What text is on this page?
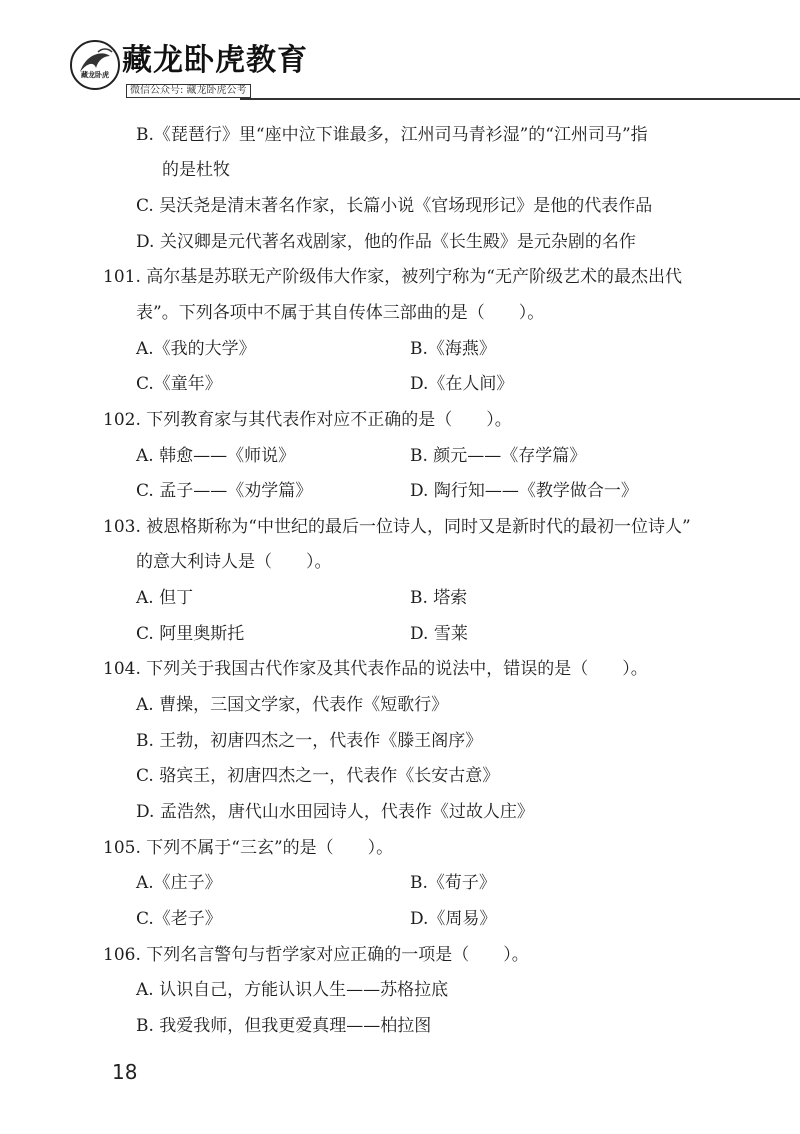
藏龙卧虎 藏龙卧虎教育
微信公众号: 藏龙卧虎公考
B.《琵琶行》里“座中泣下谁最多，江州司马青衫湿”的“江州司马”指
的是杜牧
C. 吴沃尧是清末著名作家，长篇小说《官场现形记》是他的代表作品
D. 关汉卿是元代著名戏剧家，他的作品《长生殿》是元杂剧的名作
101. 高尔基是苏联无产阶级伟大作家，被列宁称为“无产阶级艺术的最杰出代
表”。下列各项中不属于其自传体三部曲的是（　　）。
A.《我的大学》	B.《海燕》
C.《童年》	D.《在人间》
102. 下列教育家与其代表作对应不正确的是（　　）。
A. 韩愈——《师说》	B. 颜元——《存学篇》
C. 孟子——《劝学篇》	D. 陶行知——《教学做合一》
103. 被恩格斯称为“中世纪的最后一位诗人，同时又是新时代的最初一位诗人”
的意大利诗人是（　　）。
A. 但丁	B. 塔索
C. 阿里奥斯托	D. 雪莱
104. 下列关于我国古代作家及其代表作品的说法中，错误的是（　　）。
A. 曹操，三国文学家，代表作《短歌行》
B. 王勃，初唐四杰之一，代表作《滕王阁序》
C. 骆宾王，初唐四杰之一，代表作《长安古意》
D. 孟浩然，唐代山水田园诗人，代表作《过故人庄》
105. 下列不属于“三玄”的是（　　）。
A.《庄子》	B.《荀子》
C.《老子》	D.《周易》
106. 下列名言警句与哲学家对应正确的一项是（　　）。
A. 认识自己，方能认识人生——苏格拉底
B. 我爱我师，但我更爱真理——柏拉图
18
